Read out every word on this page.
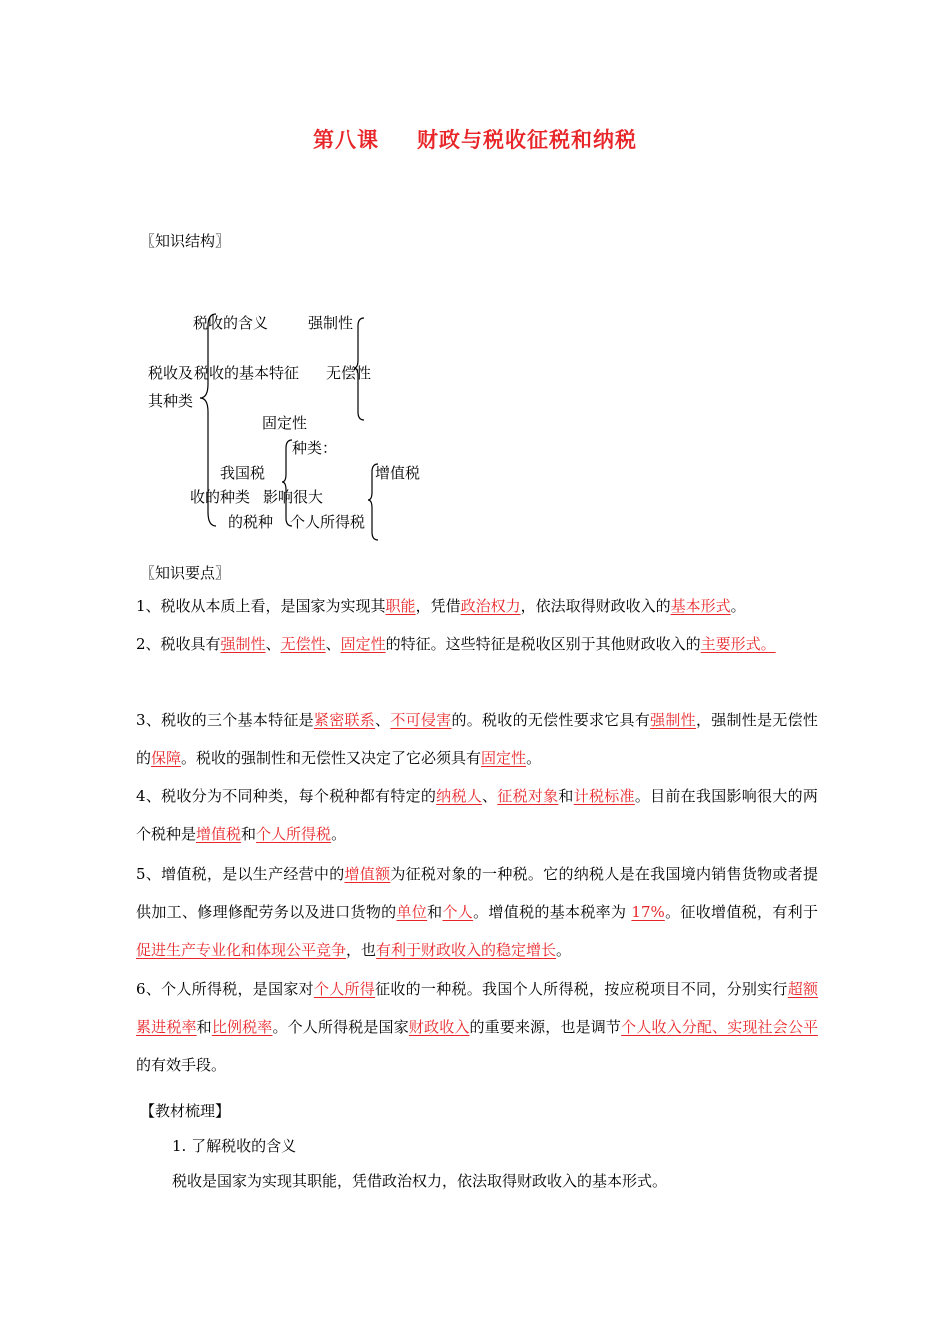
第八课 财政与税收征税和纳税
〖知识结构〗
税收的含义	强制性
税收及 税收的基本特征 无偿性
其种类
固定性
种类：
我国税	增值税
收的种类 影响很大
的税种 个人所得税
〖知识要点〗
1、税收从本质上看，是国家为实现其职能，凭借政治权力，依法取得财政收入的基本形式。
2、税收具有强制性、无偿性、固定性的特征。这些特征是税收区别于其他财政收入的主要形式。
3、税收的三个基本特征是紧密联系、不可侵害的。税收的无偿性要求它具有强制性，强制性是无偿性的保障。税收的强制性和无偿性又决定了它必须具有固定性。
4、税收分为不同种类，每个税种都有特定的纳税人、征税对象和计税标准。目前在我国影响很大的两个税种是增值税和个人所得税。
5、增值税，是以生产经营中的增值额为征税对象的一种税。它的纳税人是在我国境内销售货物或者提供加工、修理修配劳务以及进口货物的单位和个人。增值税的基本税率为 17%。征收增值税，有利于促进生产专业化和体现公平竞争，也有利于财政收入的稳定增长。
6、个人所得税，是国家对个人所得征收的一种税。我国个人所得税，按应税项目不同，分别实行超额累进税率和比例税率。个人所得税是国家财政收入的重要来源，也是调节个人收入分配、实现社会公平的有效手段。
【教材梳理】
1. 了解税收的含义
税收是国家为实现其职能，凭借政治权力，依法取得财政收入的基本形式。
